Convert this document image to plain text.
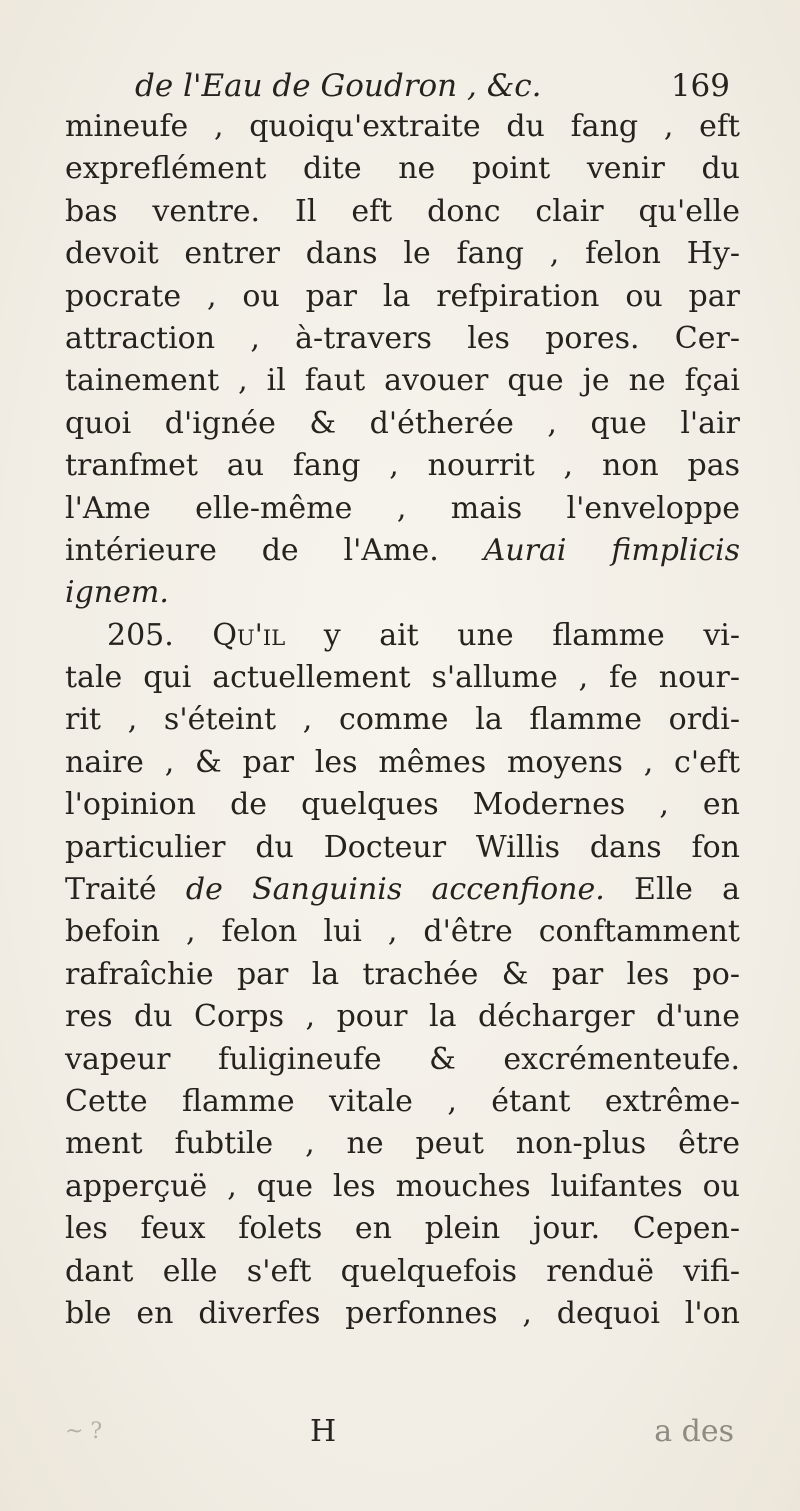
de l'Eau de Goudron , &c.	169
mineufe , quoiqu'extraite du fang , eft
expreflément dite ne point venir du
bas ventre. Il eft donc clair qu'elle
devoit entrer dans le fang , felon Hy-
pocrate , ou par la refpiration ou par
attraction , à-travers les pores. Cer-
tainement , il faut avouer que je ne fçai
quoi d'ignée & d'étherée , que l'air
tranfmet au fang , nourrit , non pas
l'Ame elle-même , mais l'enveloppe
intérieure de l'Ame. Aurai fimplicis
ignem.
205. Qu'il y ait une flamme vi-
tale qui actuellement s'allume , fe nour-
rit , s'éteint , comme la flamme ordi-
naire , & par les mêmes moyens , c'eft
l'opinion de quelques Modernes , en
particulier du Docteur Willis dans fon
Traité de Sanguinis accenfione. Elle a
befoin , felon lui , d'être conftamment
rafraîchie par la trachée & par les po-
res du Corps , pour la décharger d'une
vapeur fuligineufe & excrémenteufe.
Cette flamme vitale , étant extrême-
ment fubtile , ne peut non-plus être
apperçuë , que les mouches luifantes ou
les feux folets en plein jour. Cepen-
dant elle s'eft quelquefois renduë vifi-
ble en diverfes perfonnes , dequoi l'on
~ ?	H	a des
